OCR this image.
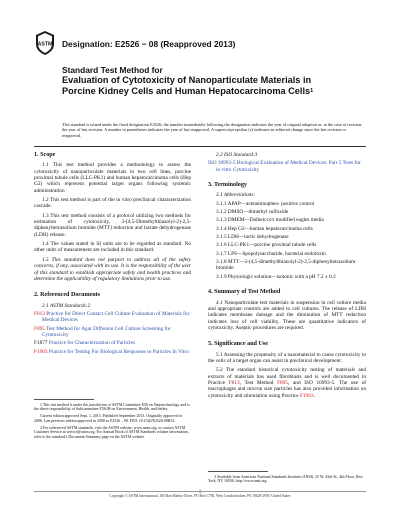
ASTM Designation: E2526 − 08 (Reapproved 2013)
Standard Test Method for
Evaluation of Cytotoxicity of Nanoparticulate Materials in
Porcine Kidney Cells and Human Hepatocarcinoma Cells$^1$
This standard is issued under the fixed designation E2526; the number immediately following the designation indicates the year of original adoption or, in the case of revision, the year of last revision. A number in parentheses indicates the year of last reapproval. A superscript epsilon (ε) indicates an editorial change since the last revision or reapproval.
1. Scope

1.1 This test method provides a methodology to assess the cytotoxicity of nanoparticulate materials in two cell lines, porcine proximal tubule cells (LLC-PK1) and human hepatocarcinoma cells (Hep G2) which represent potential target organs following systemic administration

1.2 This test method is part of the in vitro preclinical characterization cascade.

1.3 This test method consists of a protocol utilizing two methods for estimation of cytotoxicity, 3-(4,5-Dimethylthiazolyl-2)-2,5-diphenyltetrazolium bromide (MTT) reduction and lactate dehydrogenase (LDH) release.

1.4 The values stated in SI units are to be regarded as standard. No other units of measurement are included in this standard.

1.5 This standard does not purport to address all of the safety concerns, if any, associated with its use. It is the responsibility of the user of this standard to establish appropriate safety and health practices and determine the applicability of regulatory limitations prior to use.

2. Referenced Documents
2.1 ASTM Standards:2
F813 Practice for Direct Contact Cell Culture Evaluation of Materials for Medical Devices
F895 Test Method for Agar Diffusion Cell Culture Screening for Cytotoxicity
F1877 Practice for Characterization of Particles
F1903 Practice for Testing For Biological Responses to Particles In Vitro

1 This test method is under the jurisdiction of ASTM Committee E56 on Nanotechnology and is the direct responsibility of Subcommittee E56.08 on Environment, Health, and Safety.

Current edition approved Sept. 1, 2013. Published September 2013. Originally approved in 2006. Last previous edition approved in 2008 as E2526 – 08. DOI: 10.1520/E2526-08R13.

2 For referenced ASTM standards, visit the ASTM website, www.astm.org, or contact ASTM Customer Service at service@astm.org. For Annual Book of ASTM Standards volume information, refer to the standard's Document Summary page on the ASTM website.

2.2 ISO Standard:3
ISO 10993-5 Biological Evaluation of Medical Devices: Part 5 Tests for in vitro Cytotoxicity
3. Terminology
3.1 Abbreviations:
3.1.1 APAP—acetaminophen- positive control
3.1.2 DMSO—dimethyl sulfoxide
3.1.3 DMEM—Dulbelcco's modified eagles media
3.1.4 Hep G2—human hepatocarcinoma cells
3.1.5 LDH—lactic dehydrogenase
3.1.6 LLC-PK1—porcine proximal tubule cells
3.1.7 LPS—lipopolysaccharide, bacterial endotoxin
3.1.8 MTT—3-(4,5-dimethylthiazolyl-2)-2,5-diphenyltetrazolium bromide
3.1.9 Physiologic solution—isotonic with a pH 7.2 ± 0.2
4. Summary of Test Method

4.1 Nanoparticulate test materials in suspension in cell culture media and appropriate controls are added to cell cultures. The release of LDH indicates membrane damage and the diminution of MTT reduction indicates loss of cell viability. These are quantitative indicators of cytotoxicity. Aseptic procedures are required.

5. Significance and Use

5.1 Assessing the propensity of a nanomaterial to cause cytotoxicity to the cells of a target organ can assist in preclinical development.

5.2 The standard historical cytotoxicity testing of materials and extracts of materials has used fibroblasts and is well documented in Practice F813, Test Method F895, and ISO 10993-5. The use of macrophages and micron size particles has also provided information on cytotoxicity and stimulation using Practice F1903.

3 Available from American National Standards Institute (ANSI), 25 W. 43rd St., 4th Floor, New York, NY 10036, http://www.ansi.org.

1
Copyright © ASTM International, 100 Barr Harbor Drive, PO Box C700, West Conshohocken, PA 19428-2959. United States
